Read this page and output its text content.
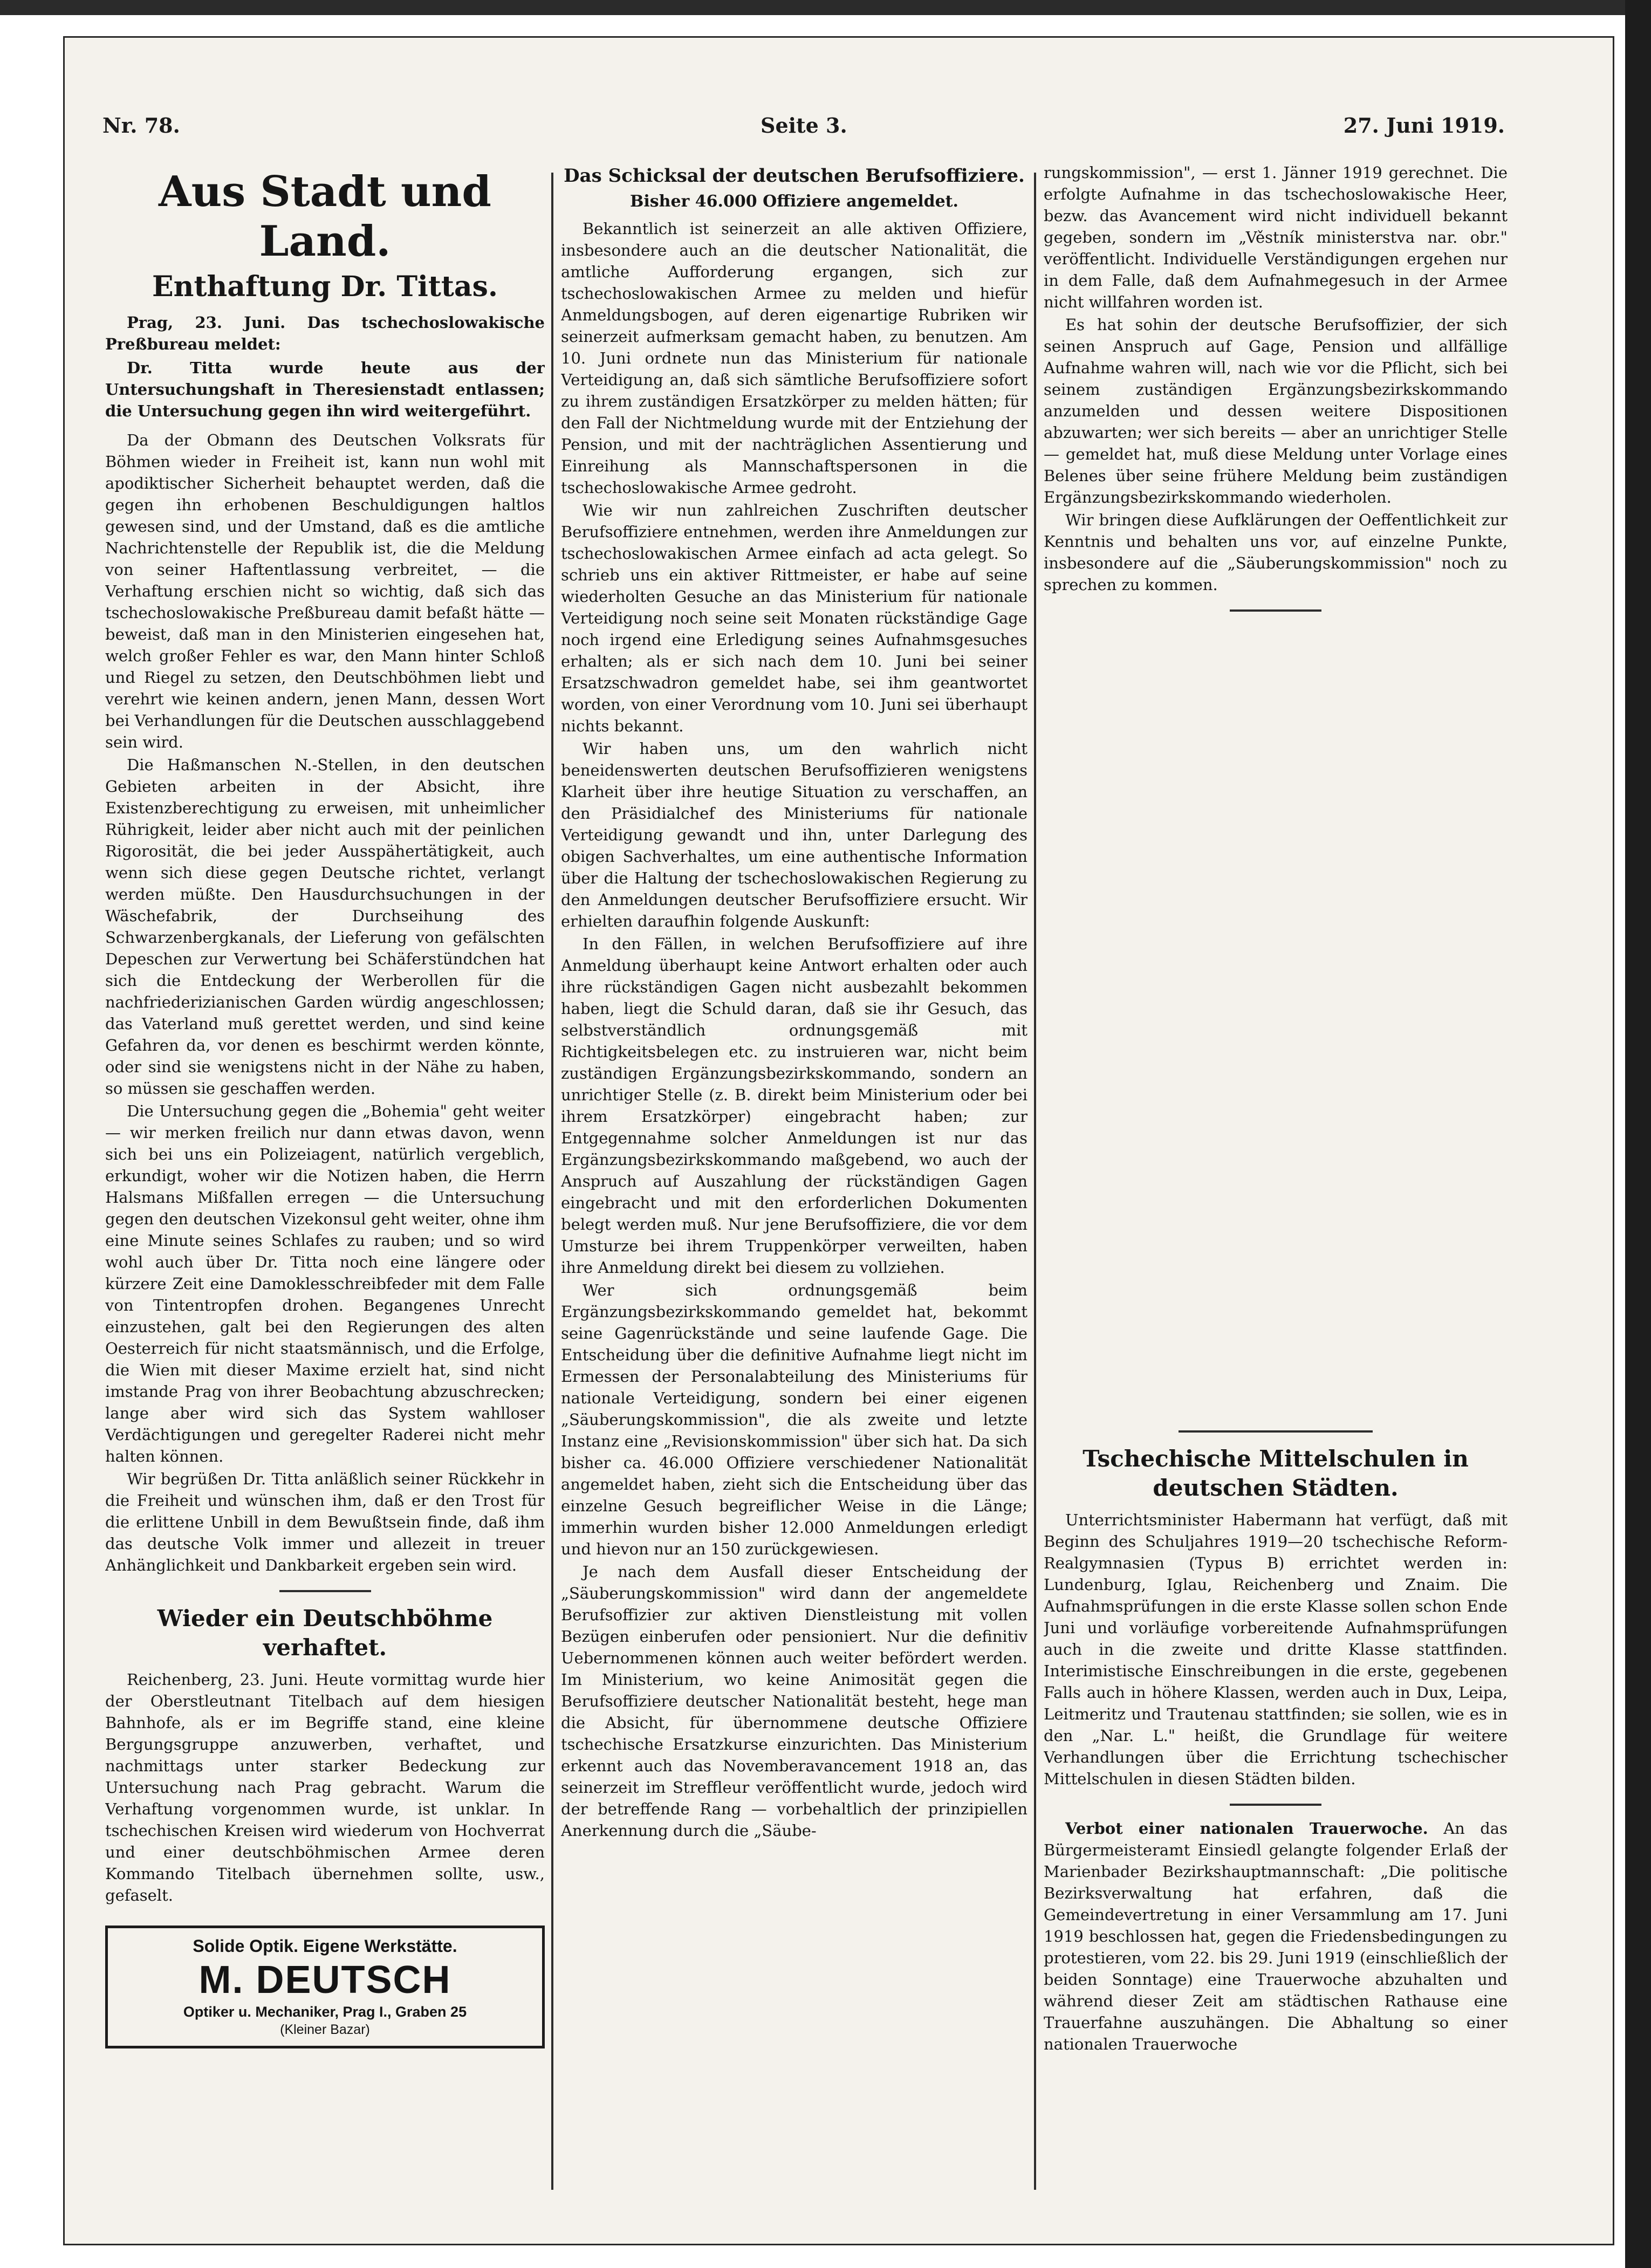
Nr. 78.	Seite 3.	27. Juni 1919.
Aus Stadt und Land.
Enthaftung Dr. Tittas.

Prag, 23. Juni. Das tschechoslowakische Preßbureau meldet:

Dr. Titta wurde heute aus der Untersuchungshaft in Theresienstadt entlassen; die Untersuchung gegen ihn wird weitergeführt.

Da der Obmann des Deutschen Volksrats für Böhmen wieder in Freiheit ist, kann nun wohl mit apodiktischer Sicherheit behauptet werden, daß die gegen ihn erhobenen Beschuldigungen haltlos gewesen sind, und der Umstand, daß es die amtliche Nachrichtenstelle der Republik ist, die die Meldung von seiner Haftentlassung verbreitet, — die Verhaftung erschien nicht so wichtig, daß sich das tschechoslowakische Preßbureau damit befaßt hätte — beweist, daß man in den Ministerien eingesehen hat, welch großer Fehler es war, den Mann hinter Schloß und Riegel zu setzen, den Deutschböhmen liebt und verehrt wie keinen andern, jenen Mann, dessen Wort bei Verhandlungen für die Deutschen ausschlaggebend sein wird.

Die Haßmanschen N.-Stellen, in den deutschen Gebieten arbeiten in der Absicht, ihre Existenzberechtigung zu erweisen, mit unheimlicher Rührigkeit, leider aber nicht auch mit der peinlichen Rigorosität, die bei jeder Ausspähertätigkeit, auch wenn sich diese gegen Deutsche richtet, verlangt werden müßte. Den Hausdurchsuchungen in der Wäschefabrik, der Durchseihung des Schwarzenbergkanals, der Lieferung von gefälschten Depeschen zur Verwertung bei Schäferstündchen hat sich die Entdeckung der Werberollen für die nachfriederizianischen Garden würdig angeschlossen; das Vaterland muß gerettet werden, und sind keine Gefahren da, vor denen es beschirmt werden könnte, oder sind sie wenigstens nicht in der Nähe zu haben, so müssen sie geschaffen werden.

Die Untersuchung gegen die „Bohemia" geht weiter — wir merken freilich nur dann etwas davon, wenn sich bei uns ein Polizeiagent, natürlich vergeblich, erkundigt, woher wir die Notizen haben, die Herrn Halsmans Mißfallen erregen — die Untersuchung gegen den deutschen Vizekonsul geht weiter, ohne ihm eine Minute seines Schlafes zu rauben; und so wird wohl auch über Dr. Titta noch eine längere oder kürzere Zeit eine Damoklesschreibfeder mit dem Falle von Tintentropfen drohen. Begangenes Unrecht einzustehen, galt bei den Regierungen des alten Oesterreich für nicht staatsmännisch, und die Erfolge, die Wien mit dieser Maxime erzielt hat, sind nicht imstande Prag von ihrer Beobachtung abzuschrecken; lange aber wird sich das System wahlloser Verdächtigungen und geregelter Raderei nicht mehr halten können.

Wir begrüßen Dr. Titta anläßlich seiner Rückkehr in die Freiheit und wünschen ihm, daß er den Trost für die erlittene Unbill in dem Bewußtsein finde, daß ihm das deutsche Volk immer und allezeit in treuer Anhänglichkeit und Dankbarkeit ergeben sein wird.

Wieder ein Deutschböhme verhaftet.

Reichenberg, 23. Juni. Heute vormittag wurde hier der Oberstleutnant Titelbach auf dem hiesigen Bahnhofe, als er im Begriffe stand, eine kleine Bergungsgruppe anzuwerben, verhaftet, und nachmittags unter starker Bedeckung zur Untersuchung nach Prag gebracht. Warum die Verhaftung vorgenommen wurde, ist unklar. In tschechischen Kreisen wird wiederum von Hochverrat und einer deutschböhmischen Armee deren Kommando Titelbach übernehmen sollte, usw., gefaselt.

Solide Optik. Eigene Werkstätte.
M. DEUTSCH
Optiker u. Mechaniker, Prag I., Graben 25
(Kleiner Bazar)
Das Schicksal der deutschen Berufsoffiziere.
Bisher 46.000 Offiziere angemeldet.

Bekanntlich ist seinerzeit an alle aktiven Offiziere, insbesondere auch an die deutscher Nationalität, die amtliche Aufforderung ergangen, sich zur tschechoslowakischen Armee zu melden und hiefür Anmeldungsbogen, auf deren eigenartige Rubriken wir seinerzeit aufmerksam gemacht haben, zu benutzen. Am 10. Juni ordnete nun das Ministerium für nationale Verteidigung an, daß sich sämtliche Berufsoffiziere sofort zu ihrem zuständigen Ersatzkörper zu melden hätten; für den Fall der Nichtmeldung wurde mit der Entziehung der Pension, und mit der nachträglichen Assentierung und Einreihung als Mannschaftspersonen in die tschechoslowakische Armee gedroht.

Wie wir nun zahlreichen Zuschriften deutscher Berufsoffiziere entnehmen, werden ihre Anmeldungen zur tschechoslowakischen Armee einfach ad acta gelegt. So schrieb uns ein aktiver Rittmeister, er habe auf seine wiederholten Gesuche an das Ministerium für nationale Verteidigung noch seine seit Monaten rückständige Gage noch irgend eine Erledigung seines Aufnahmsgesuches erhalten; als er sich nach dem 10. Juni bei seiner Ersatzschwadron gemeldet habe, sei ihm geantwortet worden, von einer Verordnung vom 10. Juni sei überhaupt nichts bekannt.

Wir haben uns, um den wahrlich nicht beneidenswerten deutschen Berufsoffizieren wenigstens Klarheit über ihre heutige Situation zu verschaffen, an den Präsidialchef des Ministeriums für nationale Verteidigung gewandt und ihn, unter Darlegung des obigen Sachverhaltes, um eine authentische Information über die Haltung der tschechoslowakischen Regierung zu den Anmeldungen deutscher Berufsoffiziere ersucht. Wir erhielten daraufhin folgende Auskunft:

In den Fällen, in welchen Berufsoffiziere auf ihre Anmeldung überhaupt keine Antwort erhalten oder auch ihre rückständigen Gagen nicht ausbezahlt bekommen haben, liegt die Schuld daran, daß sie ihr Gesuch, das selbstverständlich ordnungsgemäß mit Richtigkeitsbelegen etc. zu instruieren war, nicht beim zuständigen Ergänzungsbezirkskommando, sondern an unrichtiger Stelle (z. B. direkt beim Ministerium oder bei ihrem Ersatzkörper) eingebracht haben; zur Entgegennahme solcher Anmeldungen ist nur das Ergänzungsbezirkskommando maßgebend, wo auch der Anspruch auf Auszahlung der rückständigen Gagen eingebracht und mit den erforderlichen Dokumenten belegt werden muß. Nur jene Berufsoffiziere, die vor dem Umsturze bei ihrem Truppenkörper verweilten, haben ihre Anmeldung direkt bei diesem zu vollziehen.

Wer sich ordnungsgemäß beim Ergänzungsbezirkskommando gemeldet hat, bekommt seine Gagenrückstände und seine laufende Gage. Die Entscheidung über die definitive Aufnahme liegt nicht im Ermessen der Personalabteilung des Ministeriums für nationale Verteidigung, sondern bei einer eigenen „Säuberungskommission", die als zweite und letzte Instanz eine „Revisionskommission" über sich hat. Da sich bisher ca. 46.000 Offiziere verschiedener Nationalität angemeldet haben, zieht sich die Entscheidung über das einzelne Gesuch begreiflicher Weise in die Länge; immerhin wurden bisher 12.000 Anmeldungen erledigt und hievon nur an 150 zurückgewiesen.

Je nach dem Ausfall dieser Entscheidung der „Säuberungskommission" wird dann der angemeldete Berufsoffizier zur aktiven Dienstleistung mit vollen Bezügen einberufen oder pensioniert. Nur die definitiv Uebernommenen können auch weiter befördert werden. Im Ministerium, wo keine Animosität gegen die Berufsoffiziere deutscher Nationalität besteht, hege man die Absicht, für übernommene deutsche Offiziere tschechische Ersatzkurse einzurichten. Das Ministerium erkennt auch das Novemberavancement 1918 an, das seinerzeit im Streffleur veröffentlicht wurde, jedoch wird der betreffende Rang — vorbehaltlich der prinzipiellen Anerkennung durch die „Säube-

rungskommission", — erst 1. Jänner 1919 gerechnet. Die erfolgte Aufnahme in das tschechoslowakische Heer, bezw. das Avancement wird nicht individuell bekannt gegeben, sondern im „Věstník ministerstva nar. obr." veröffentlicht. Individuelle Verständigungen ergehen nur in dem Falle, daß dem Aufnahmegesuch in der Armee nicht willfahren worden ist.

Es hat sohin der deutsche Berufsoffizier, der sich seinen Anspruch auf Gage, Pension und allfällige Aufnahme wahren will, nach wie vor die Pflicht, sich bei seinem zuständigen Ergänzungsbezirkskommando anzumelden und dessen weitere Dispositionen abzuwarten; wer sich bereits — aber an unrichtiger Stelle — gemeldet hat, muß diese Meldung unter Vorlage eines Belenes über seine frühere Meldung beim zuständigen Ergänzungsbezirkskommando wiederholen.

Wir bringen diese Aufklärungen der Oeffentlichkeit zur Kenntnis und behalten uns vor, auf einzelne Punkte, insbesondere auf die „Säuberungskommission" noch zu sprechen zu kommen.

Tschechische Mittelschulen in deutschen Städten.

Unterrichtsminister Habermann hat verfügt, daß mit Beginn des Schuljahres 1919—20 tschechische Reform-Realgymnasien (Typus B) errichtet werden in: Lundenburg, Iglau, Reichenberg und Znaim. Die Aufnahmsprüfungen in die erste Klasse sollen schon Ende Juni und vorläufige vorbereitende Aufnahmsprüfungen auch in die zweite und dritte Klasse stattfinden. Interimistische Einschreibungen in die erste, gegebenen Falls auch in höhere Klassen, werden auch in Dux, Leipa, Leitmeritz und Trautenau stattfinden; sie sollen, wie es in den „Nar. L." heißt, die Grundlage für weitere Verhandlungen über die Errichtung tschechischer Mittelschulen in diesen Städten bilden.

Verbot einer nationalen Trauerwoche. An das Bürgermeisteramt Einsiedl gelangte folgender Erlaß der Marienbader Bezirkshauptmannschaft: „Die politische Bezirksverwaltung hat erfahren, daß die Gemeindevertretung in einer Versammlung am 17. Juni 1919 beschlossen hat, gegen die Friedensbedingungen zu protestieren, vom 22. bis 29. Juni 1919 (einschließlich der beiden Sonntage) eine Trauerwoche abzuhalten und während dieser Zeit am städtischen Rathause eine Trauerfahne auszuhängen. Die Abhaltung so einer nationalen Trauerwoche
